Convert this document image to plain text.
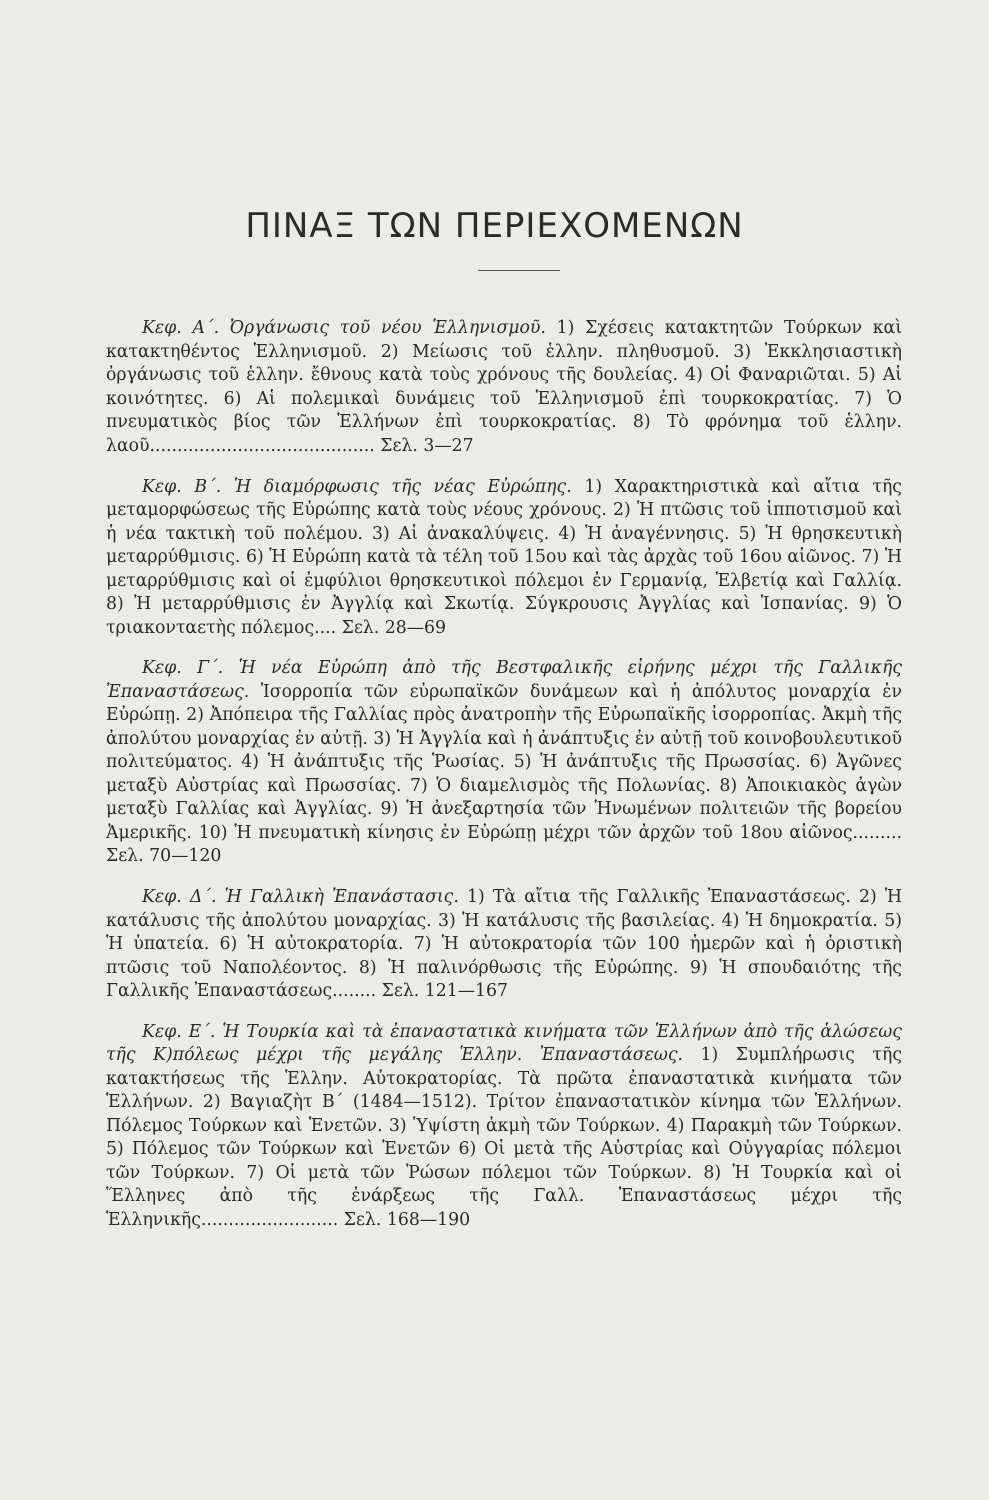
ΠΙΝΑΞ ΤΩΝ ΠΕΡΙΕΧΟΜΕΝΩΝ

Κεφ. Α΄. Ὀργάνωσις τοῦ νέου Ἑλληνισμοῦ. 1) Σχέσεις κατακτητῶν Τούρκων καὶ κατακτηθέντος Ἑλληνισμοῦ. 2) Μείωσις τοῦ ἑλλην. πληθυσμοῦ. 3) Ἐκκλησιαστικὴ ὀργάνωσις τοῦ ἑλλην. ἔθνους κατὰ τοὺς χρόνους τῆς δουλείας. 4) Οἱ Φαναριῶται. 5) Αἱ κοινότητες. 6) Αἱ πολεμικαὶ δυνάμεις τοῦ Ἑλληνισμοῦ ἐπὶ τουρκοκρατίας. 7) Ὁ πνευματικὸς βίος τῶν Ἑλλήνων ἐπὶ τουρκοκρατίας. 8) Τὸ φρόνημα τοῦ ἑλλην. λαοῦ......................................... Σελ. 3—27

Κεφ. Β΄. Ἡ διαμόρφωσις τῆς νέας Εὐρώπης. 1) Χαρακτηριστικὰ καὶ αἴτια τῆς μεταμορφώσεως τῆς Εὐρώπης κατὰ τοὺς νέους χρόνους. 2) Ἡ πτῶσις τοῦ ἱπποτισμοῦ καὶ ἡ νέα τακτικὴ τοῦ πολέμου. 3) Αἱ ἀνακαλύψεις. 4) Ἡ ἀναγέννησις. 5) Ἡ θρησκευτικὴ μεταρρύθμισις. 6) Ἡ Εὐρώπη κατὰ τὰ τέλη τοῦ 15ου καὶ τὰς ἀρχὰς τοῦ 16ου αἰῶνος. 7) Ἡ μεταρρύθμισις καὶ οἱ ἐμφύλιοι θρησκευτικοὶ πόλεμοι ἐν Γερμανίᾳ, Ἑλβετίᾳ καὶ Γαλλίᾳ. 8) Ἡ μεταρρύθμισις ἐν Ἀγγλίᾳ καὶ Σκωτίᾳ. Σύγκρουσις Ἀγγλίας καὶ Ἱσπανίας. 9) Ὁ τριακονταετὴς πόλεμος.... Σελ. 28—69

Κεφ. Γ΄. Ἡ νέα Εὐρώπη ἀπὸ τῆς Βεστφαλικῆς εἰρήνης μέχρι τῆς Γαλλικῆς Ἐπαναστάσεως. Ἰσορροπία τῶν εὐρωπαϊκῶν δυνάμεων καὶ ἡ ἀπόλυτος μοναρχία ἐν Εὐρώπῃ. 2) Ἀπόπειρα τῆς Γαλλίας πρὸς ἀνατροπὴν τῆς Εὐρωπαϊκῆς ἰσορροπίας. Ἀκμὴ τῆς ἀπολύτου μοναρχίας ἐν αὐτῇ. 3) Ἡ Ἀγγλία καὶ ἡ ἀνάπτυξις ἐν αὐτῇ τοῦ κοινοβουλευτικοῦ πολιτεύματος. 4) Ἡ ἀνάπτυξις τῆς Ῥωσίας. 5) Ἡ ἀνάπτυξις τῆς Πρωσσίας. 6) Ἀγῶνες μεταξὺ Αὐστρίας καὶ Πρωσσίας. 7) Ὁ διαμελισμὸς τῆς Πολωνίας. 8) Ἀποικιακὸς ἀγὼν μεταξὺ Γαλλίας καὶ Ἀγγλίας. 9) Ἡ ἀνεξαρτησία τῶν Ἡνωμένων πολιτειῶν τῆς βορείου Ἀμερικῆς. 10) Ἡ πνευματικὴ κίνησις ἐν Εὐρώπῃ μέχρι τῶν ἀρχῶν τοῦ 18ου αἰῶνος......... Σελ. 70—120

Κεφ. Δ΄. Ἡ Γαλλικὴ Ἐπανάστασις. 1) Τὰ αἴτια τῆς Γαλλικῆς Ἐπαναστάσεως. 2) Ἡ κατάλυσις τῆς ἀπολύτου μοναρχίας. 3) Ἡ κατάλυσις τῆς βασιλείας. 4) Ἡ δημοκρατία. 5) Ἡ ὑπατεία. 6) Ἡ αὐτοκρατορία. 7) Ἡ αὐτοκρατορία τῶν 100 ἡμερῶν καὶ ἡ ὁριστικὴ πτῶσις τοῦ Ναπολέοντος. 8) Ἡ παλινόρθωσις τῆς Εὐρώπης. 9) Ἡ σπουδαιότης τῆς Γαλλικῆς Ἐπαναστάσεως........ Σελ. 121—167

Κεφ. Ε΄. Ἡ Τουρκία καὶ τὰ ἐπαναστατικὰ κινήματα τῶν Ἑλλήνων ἀπὸ τῆς ἁλώσεως τῆς Κ)πόλεως μέχρι τῆς μεγάλης Ἑλλην. Ἐπαναστάσεως. 1) Συμπλήρωσις τῆς κατακτήσεως τῆς Ἑλλην. Αὐτοκρατορίας. Τὰ πρῶτα ἐπαναστατικὰ κινήματα τῶν Ἑλλήνων. 2) Βαγιαζὴτ Β΄ (1484—1512). Τρίτον ἐπαναστατικὸν κίνημα τῶν Ἑλλήνων. Πόλεμος Τούρκων καὶ Ἑνετῶν. 3) Ὑψίστη ἀκμὴ τῶν Τούρκων. 4) Παρακμὴ τῶν Τούρκων. 5) Πόλεμος τῶν Τούρκων καὶ Ἑνετῶν 6) Οἱ μετὰ τῆς Αὐστρίας καὶ Οὐγγαρίας πόλεμοι τῶν Τούρκων. 7) Οἱ μετὰ τῶν Ῥώσων πόλεμοι τῶν Τούρκων. 8) Ἡ Τουρκία καὶ οἱ Ἕλληνες ἀπὸ τῆς ἐνάρξεως τῆς Γαλλ. Ἐπαναστάσεως μέχρι τῆς Ἑλληνικῆς......................... Σελ. 168—190
